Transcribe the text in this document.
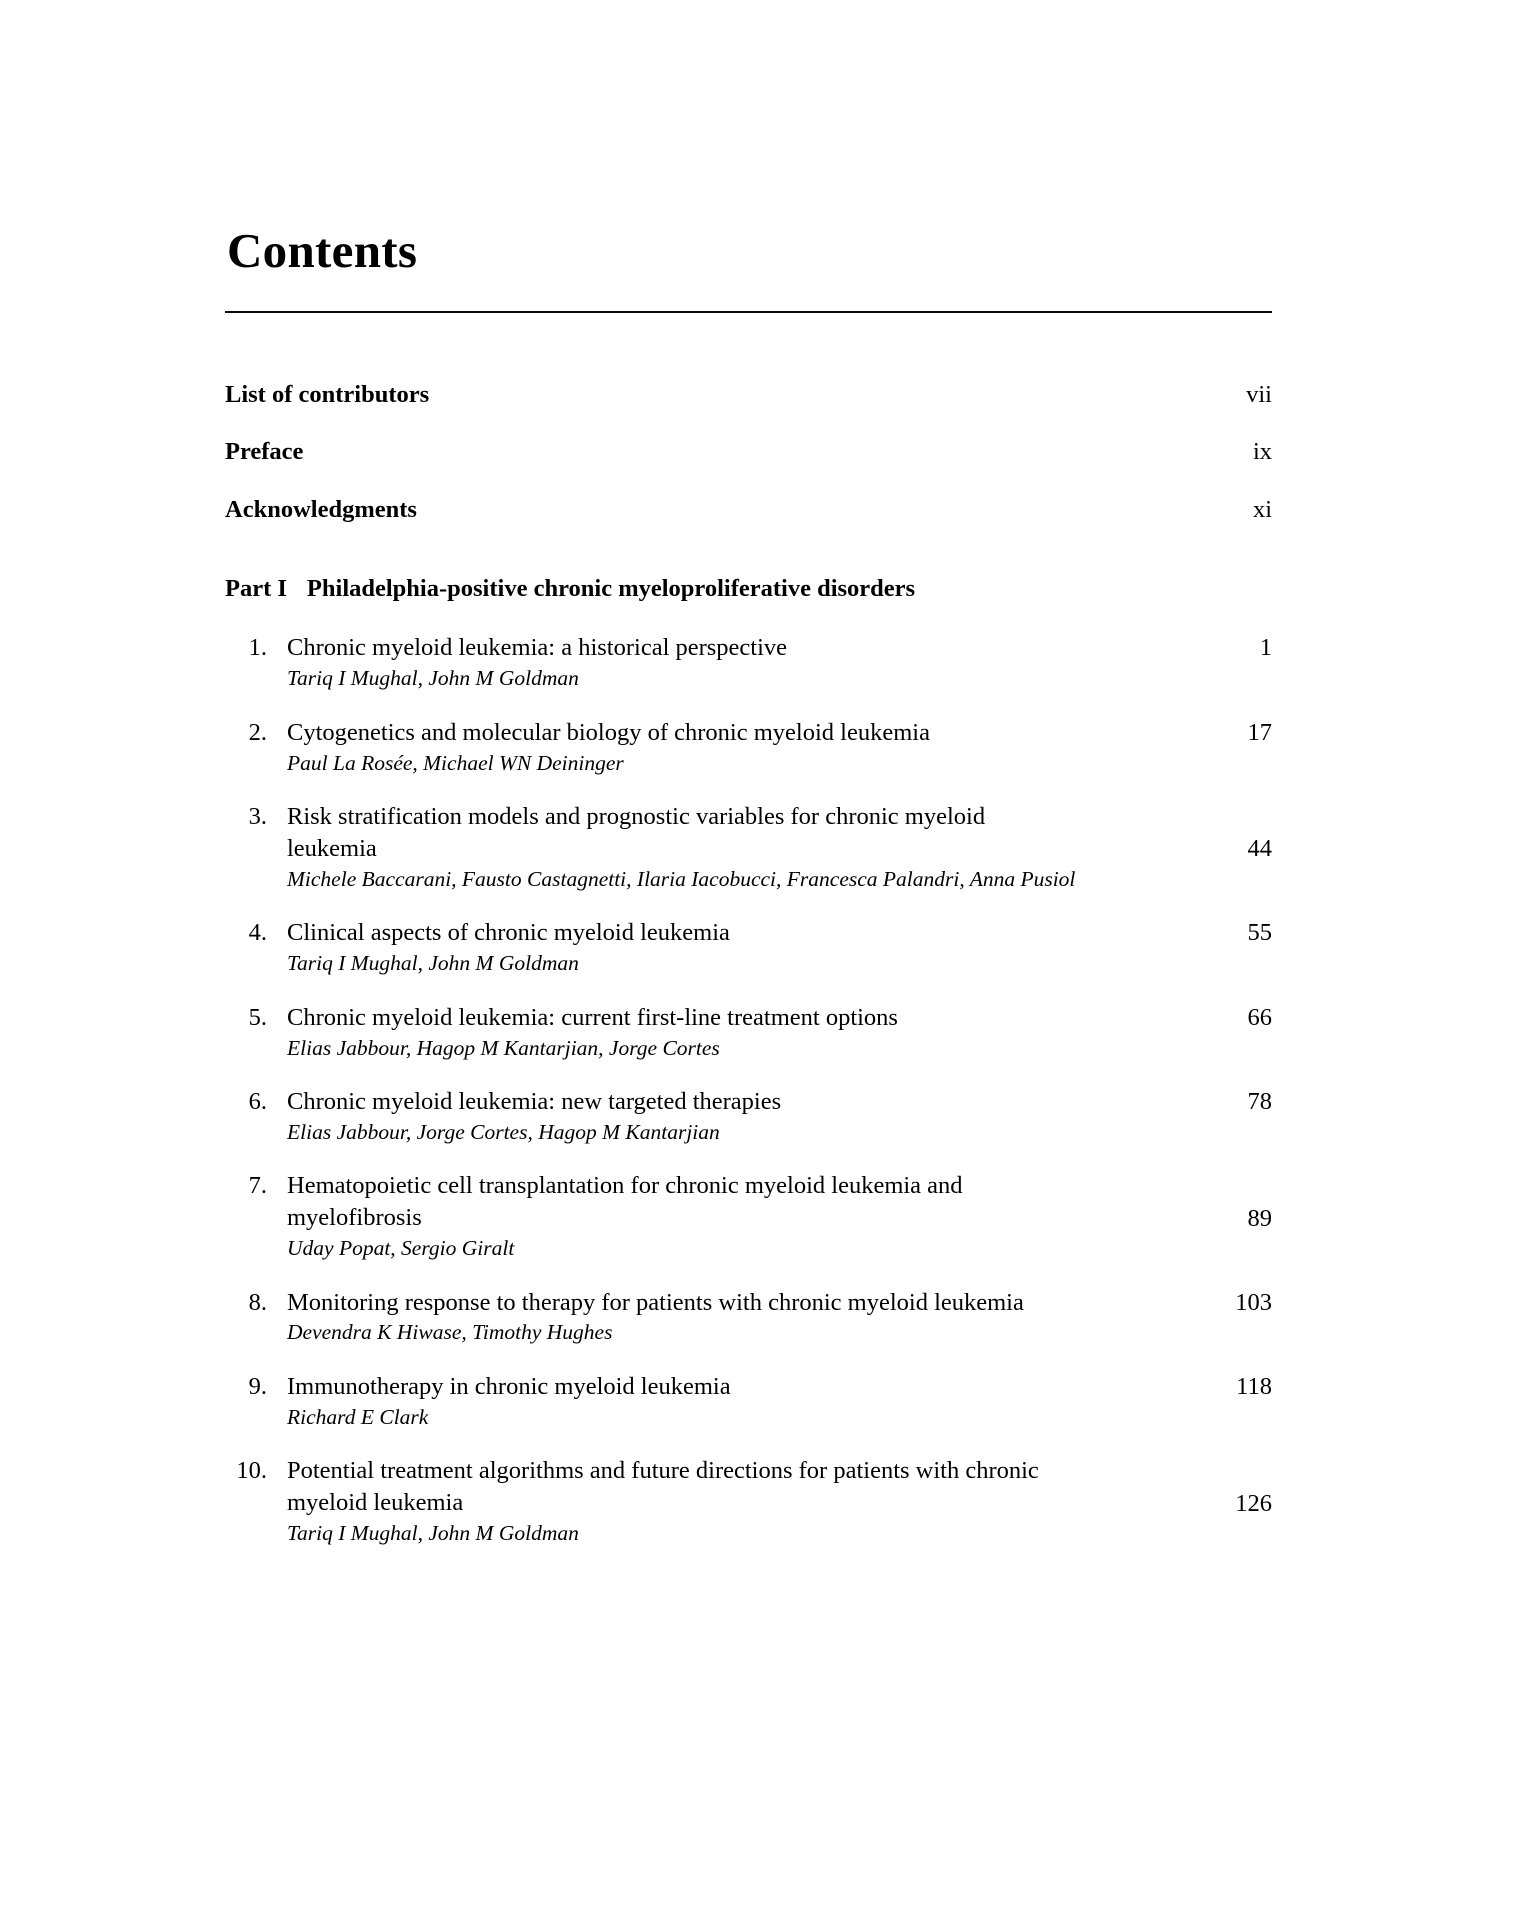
Contents
List of contributors	vii
Preface	ix
Acknowledgments	xi
Part I Philadelphia-positive chronic myeloproliferative disorders
1. Chronic myeloid leukemia: a historical perspective	1
Tariq I Mughal, John M Goldman
2. Cytogenetics and molecular biology of chronic myeloid leukemia	17
Paul La Rosée, Michael WN Deininger
3. Risk stratification models and prognostic variables for chronic myeloid leukemia	44
Michele Baccarani, Fausto Castagnetti, Ilaria Iacobucci, Francesca Palandri, Anna Pusiol
4. Clinical aspects of chronic myeloid leukemia	55
Tariq I Mughal, John M Goldman
5. Chronic myeloid leukemia: current first-line treatment options	66
Elias Jabbour, Hagop M Kantarjian, Jorge Cortes
6. Chronic myeloid leukemia: new targeted therapies	78
Elias Jabbour, Jorge Cortes, Hagop M Kantarjian
7. Hematopoietic cell transplantation for chronic myeloid leukemia and myelofibrosis	89
Uday Popat, Sergio Giralt
8. Monitoring response to therapy for patients with chronic myeloid leukemia	103
Devendra K Hiwase, Timothy Hughes
9. Immunotherapy in chronic myeloid leukemia	118
Richard E Clark
10. Potential treatment algorithms and future directions for patients with chronic myeloid leukemia	126
Tariq I Mughal, John M Goldman
